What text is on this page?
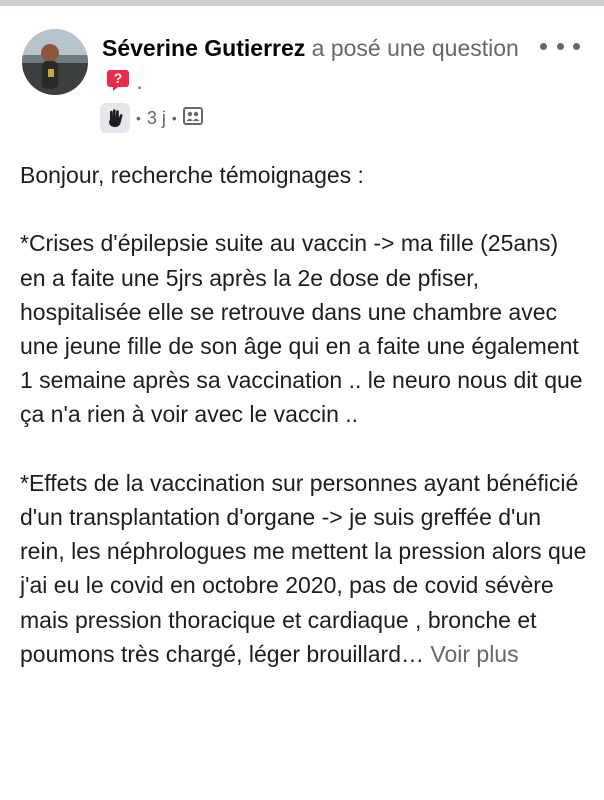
Séverine Gutierrez a posé une question
? .
• 3 j •

Bonjour, recherche témoignages :

*Crises d'épilepsie suite au vaccin -> ma fille (25ans) en a faite une 5jrs après la 2e dose de pfiser, hospitalisée elle se retrouve dans une chambre avec une jeune fille de son âge qui en a faite une également 1 semaine après sa vaccination .. le neuro nous dit que ça n'a rien à voir avec le vaccin ..

*Effets de la vaccination sur personnes ayant bénéficié d'un transplantation d'organe -> je suis greffée d'un rein, les néphrologues me mettent la pression alors que j'ai eu le covid en octobre 2020, pas de covid sévère mais pression thoracique et cardiaque , bronche et poumons très chargé, léger brouillard… Voir plus
